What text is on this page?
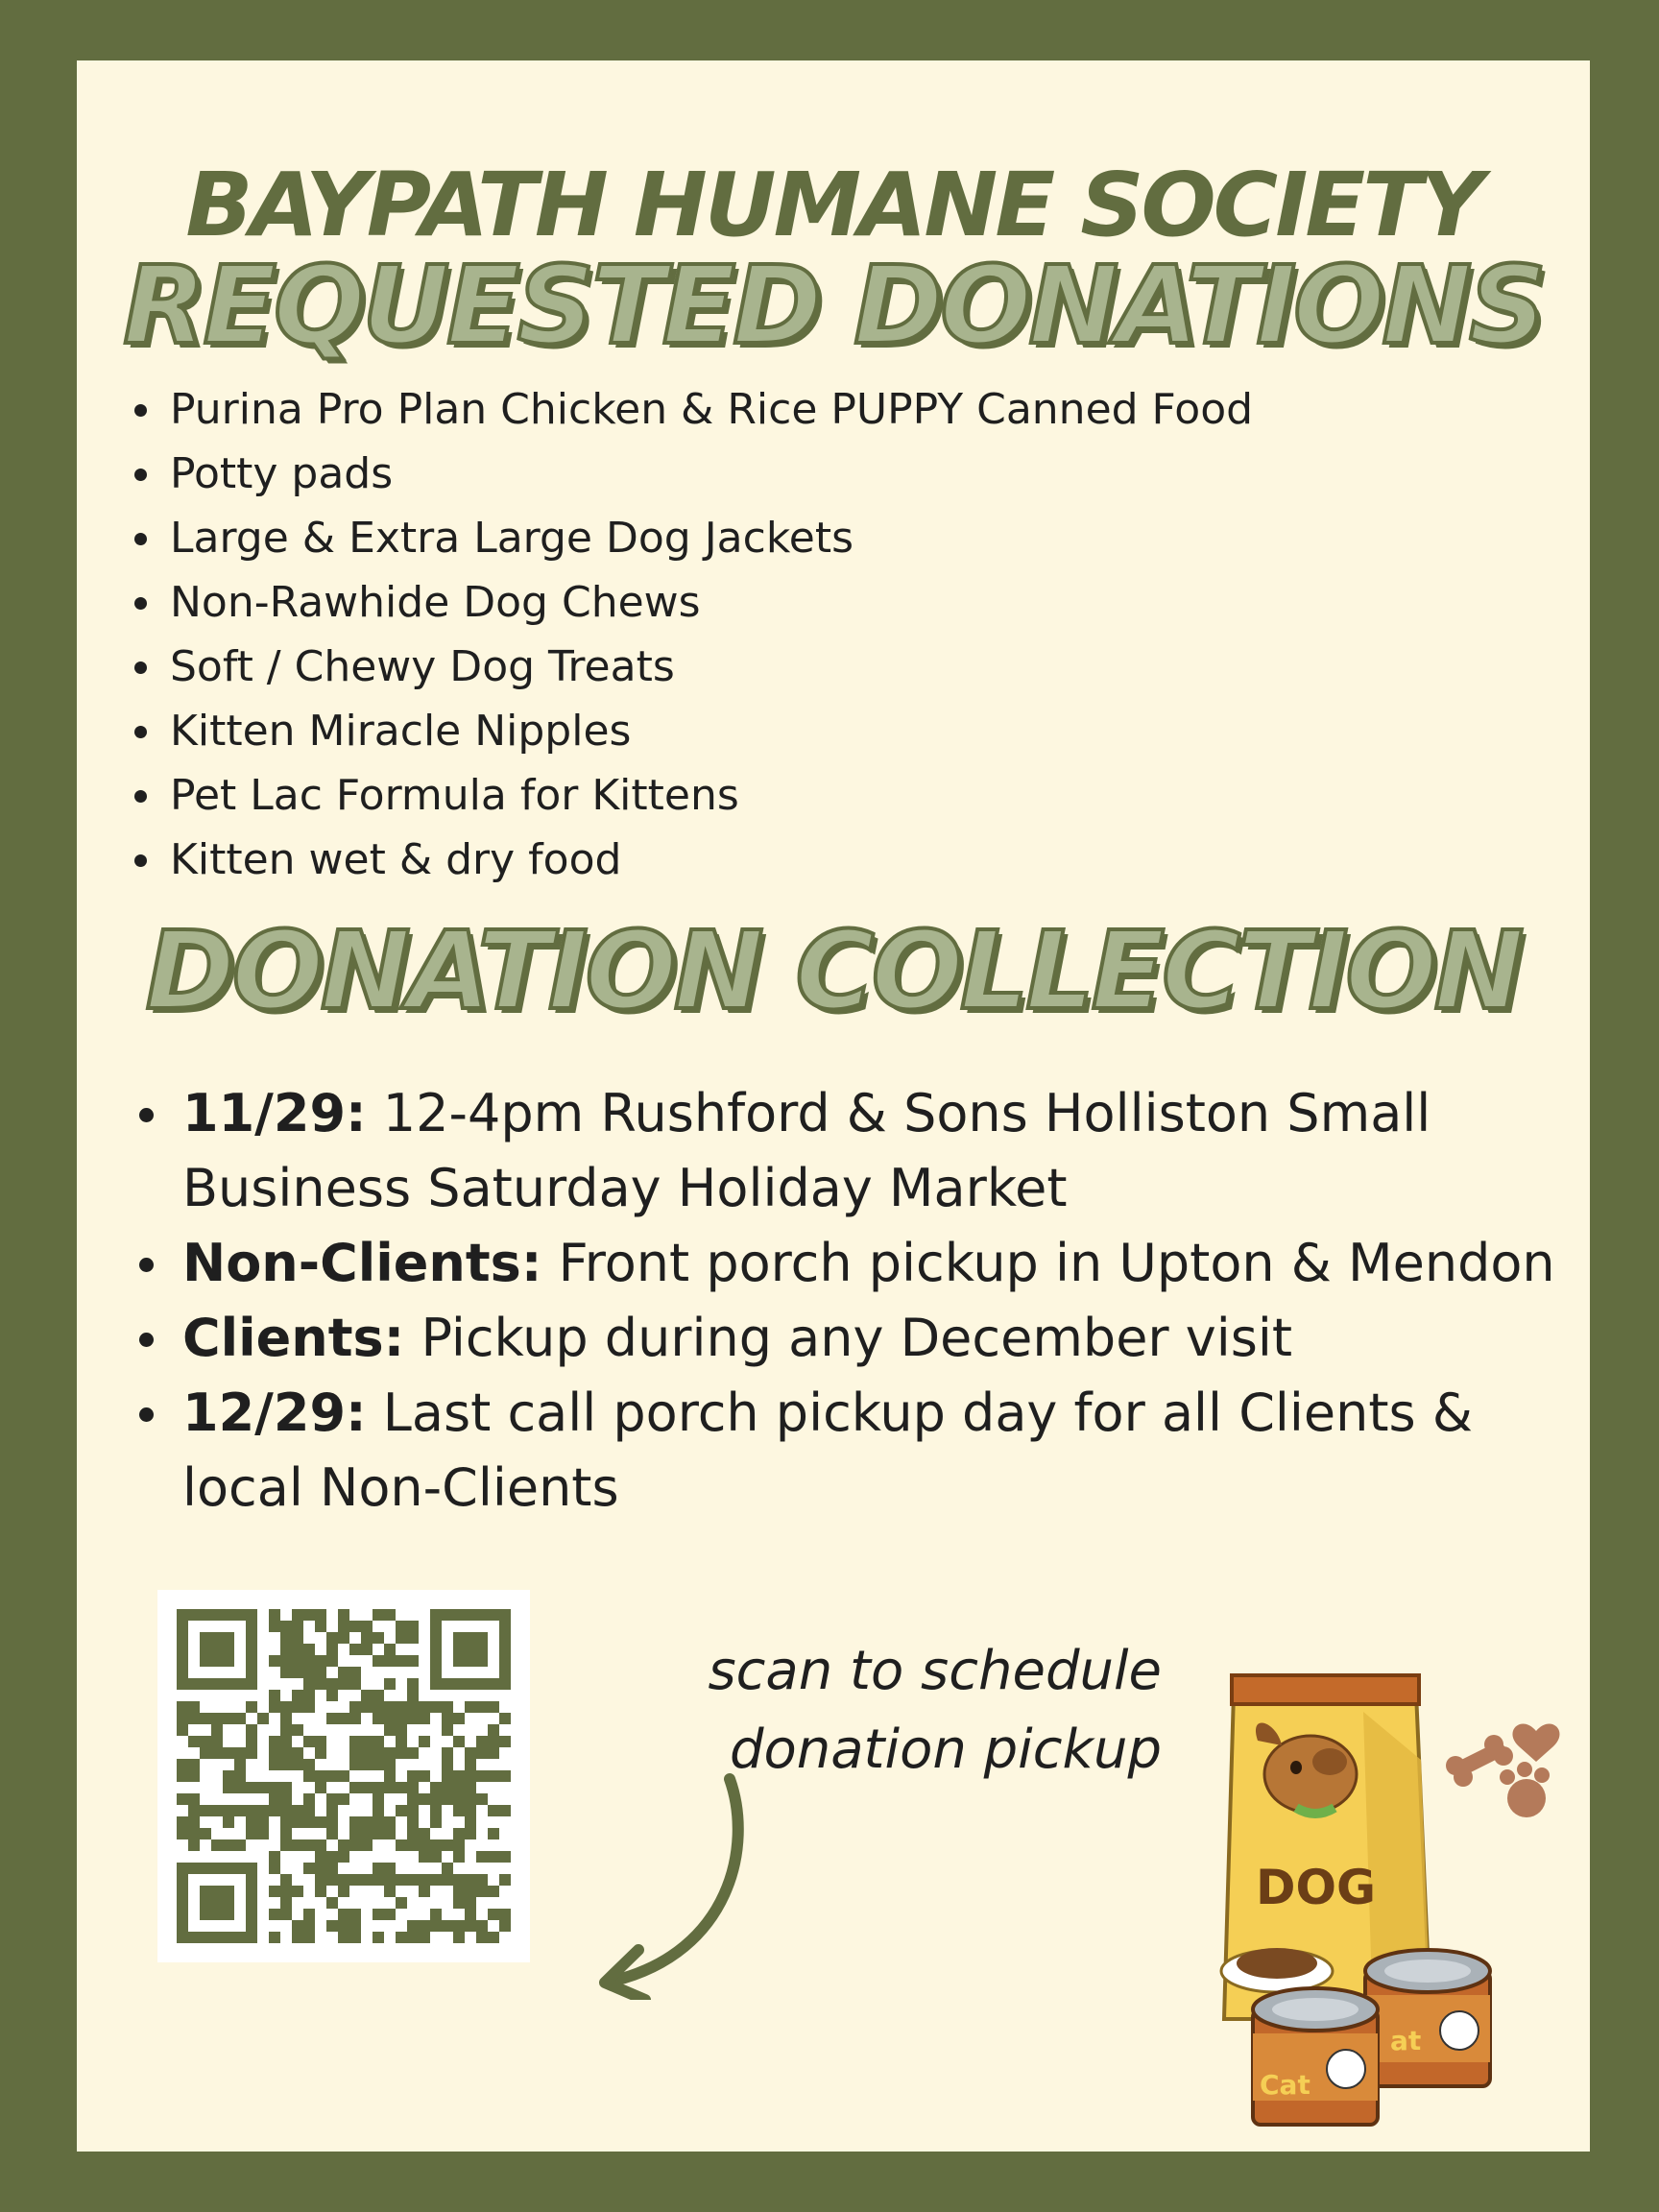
BAYPATH HUMANE SOCIETY
REQUESTED DONATIONS
Purina Pro Plan Chicken & Rice PUPPY Canned Food
Potty pads
Large & Extra Large Dog Jackets
Non-Rawhide Dog Chews
Soft / Chewy Dog Treats
Kitten Miracle Nipples
Pet Lac Formula for Kittens
Kitten wet & dry food
DONATION COLLECTION
11/29: 12-4pm Rushford & Sons Holliston Small Business Saturday Holiday Market
Non-Clients: Front porch pickup in Upton & Mendon
Clients: Pickup during any December visit
12/29: Last call porch pickup day for all Clients & local Non-Clients
scan to schedule
donation pickup
DOG
at
Cat
